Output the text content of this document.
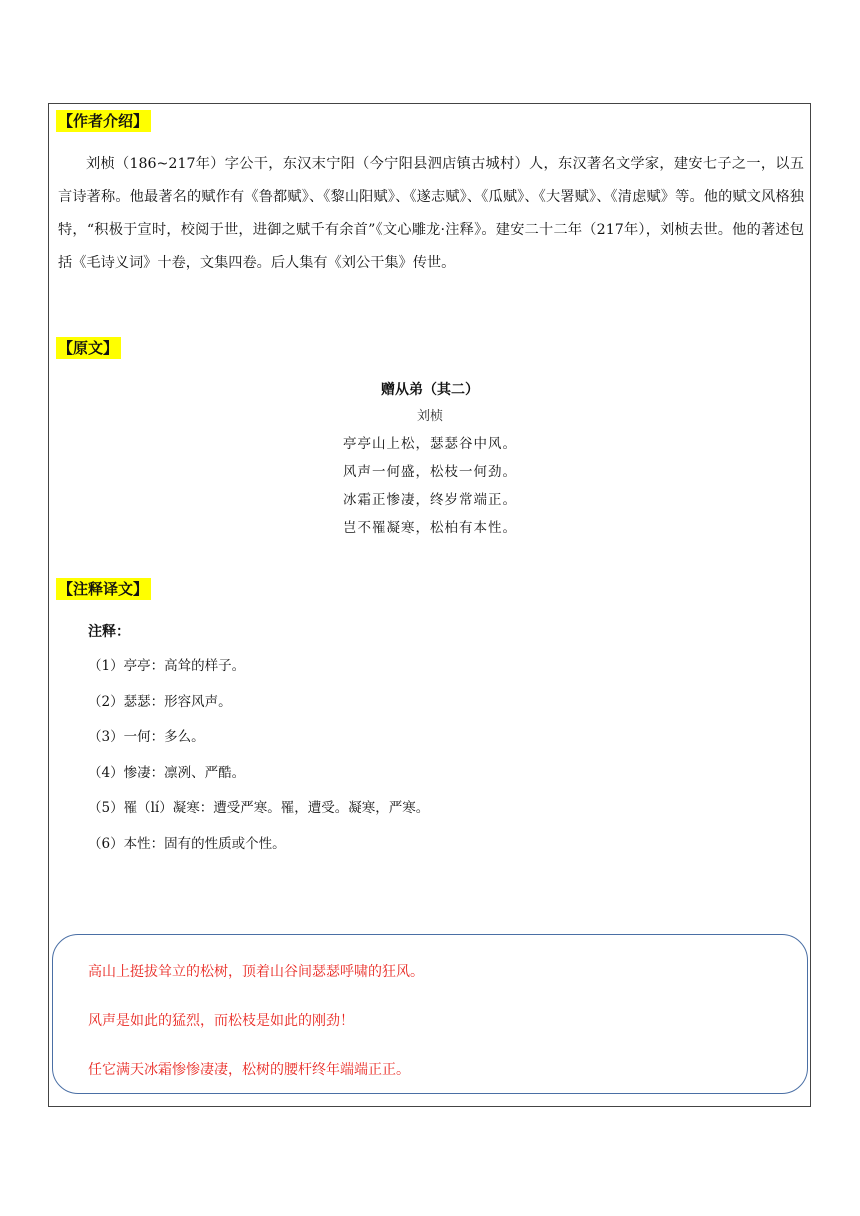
【作者介绍】

刘桢（186~217年）字公干，东汉末宁阳（今宁阳县泗店镇古城村）人，东汉著名文学家，建安七子之一，以五言诗著称。他最著名的赋作有《鲁都赋》、《黎山阳赋》、《遂志赋》、《瓜赋》、《大署赋》、《清虑赋》等。他的赋文风格独特，“积极于宣时，校阅于世，进御之赋千有余首”《文心雕龙·注释》。建安二十二年（217年），刘桢去世。他的著述包括《毛诗义词》十卷，文集四卷。后人集有《刘公干集》传世。

【原文】
赠从弟（其二）
刘桢
亭亭山上松，瑟瑟谷中风。
风声一何盛，松枝一何劲。
冰霜正惨凄，终岁常端正。
岂不罹凝寒，松柏有本性。
【注释译文】
注释：
（1）亭亭：高耸的样子。
（2）瑟瑟：形容风声。
（3）一何：多么。
（4）惨凄：凛冽、严酷。
（5）罹（lí）凝寒：遭受严寒。罹，遭受。凝寒，严寒。
（6）本性：固有的性质或个性。
高山上挺拔耸立的松树，顶着山谷间瑟瑟呼啸的狂风。
风声是如此的猛烈，而松枝是如此的刚劲！
任它满天冰霜惨惨凄凄，松树的腰杆终年端端正正。
